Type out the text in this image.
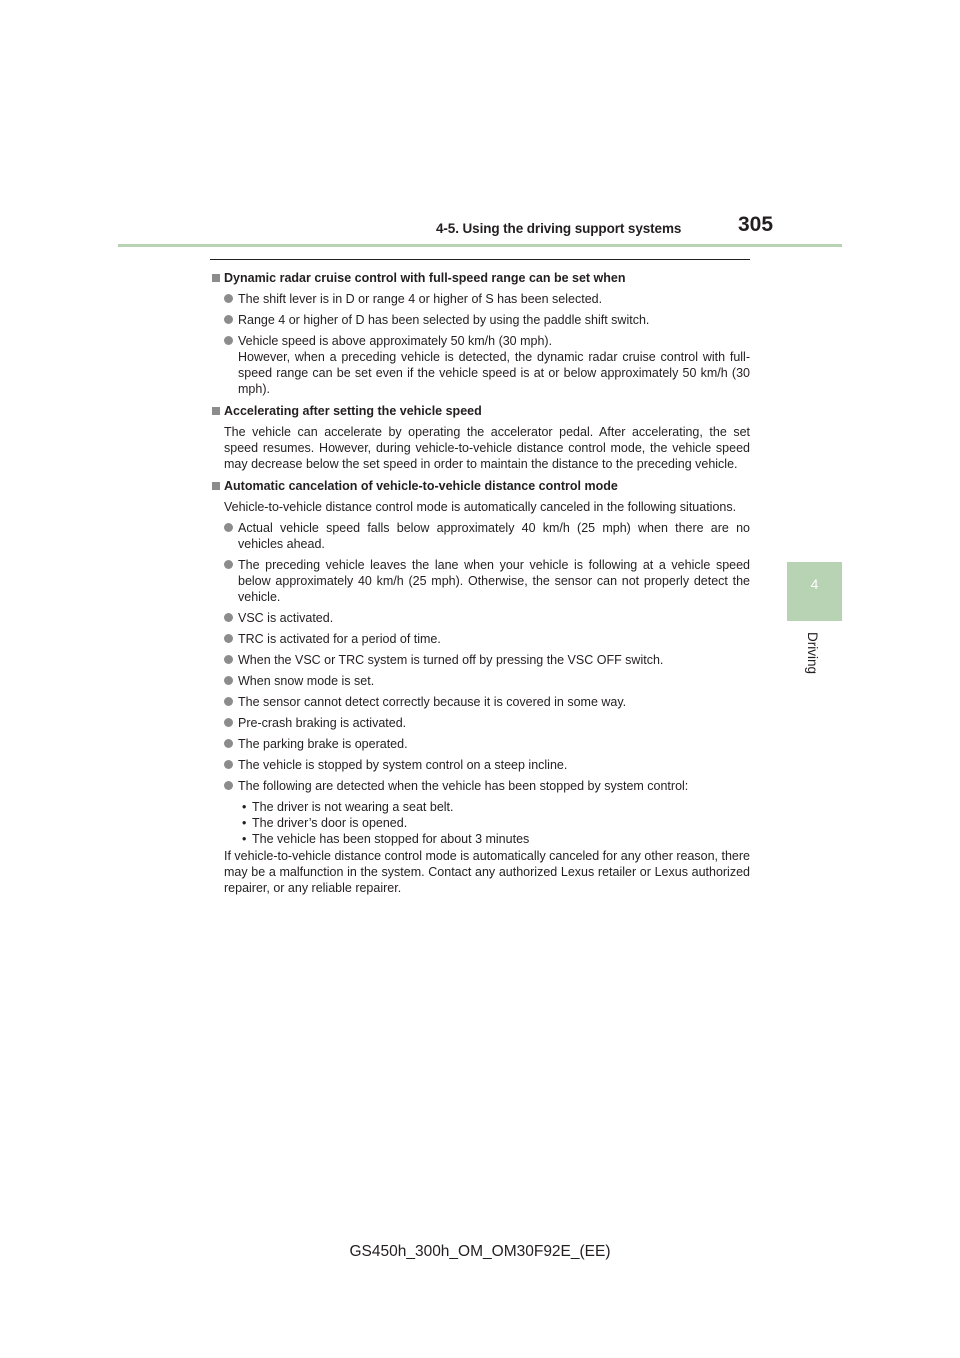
4-5. Using the driving support systems	305
4
Driving
Dynamic radar cruise control with full-speed range can be set when
The shift lever is in D or range 4 or higher of S has been selected.
Range 4 or higher of D has been selected by using the paddle shift switch.
Vehicle speed is above approximately 50 km/h (30 mph).
However, when a preceding vehicle is detected, the dynamic radar cruise control with full-speed range can be set even if the vehicle speed is at or below approximately 50 km/h (30 mph).
Accelerating after setting the vehicle speed
The vehicle can accelerate by operating the accelerator pedal. After accelerating, the set speed resumes. However, during vehicle-to-vehicle distance control mode, the vehicle speed may decrease below the set speed in order to maintain the distance to the preceding vehicle.
Automatic cancelation of vehicle-to-vehicle distance control mode
Vehicle-to-vehicle distance control mode is automatically canceled in the following situations.
Actual vehicle speed falls below approximately 40 km/h (25 mph) when there are no vehicles ahead.
The preceding vehicle leaves the lane when your vehicle is following at a vehicle speed below approximately 40 km/h (25 mph). Otherwise, the sensor can not properly detect the vehicle.
VSC is activated.
TRC is activated for a period of time.
When the VSC or TRC system is turned off by pressing the VSC OFF switch.
When snow mode is set.
The sensor cannot detect correctly because it is covered in some way.
Pre-crash braking is activated.
The parking brake is operated.
The vehicle is stopped by system control on a steep incline.
The following are detected when the vehicle has been stopped by system control:
• The driver is not wearing a seat belt.
• The driver’s door is opened.
• The vehicle has been stopped for about 3 minutes
If vehicle-to-vehicle distance control mode is automatically canceled for any other reason, there may be a malfunction in the system. Contact any authorized Lexus retailer or Lexus authorized repairer, or any reliable repairer.
GS450h_300h_OM_OM30F92E_(EE)
